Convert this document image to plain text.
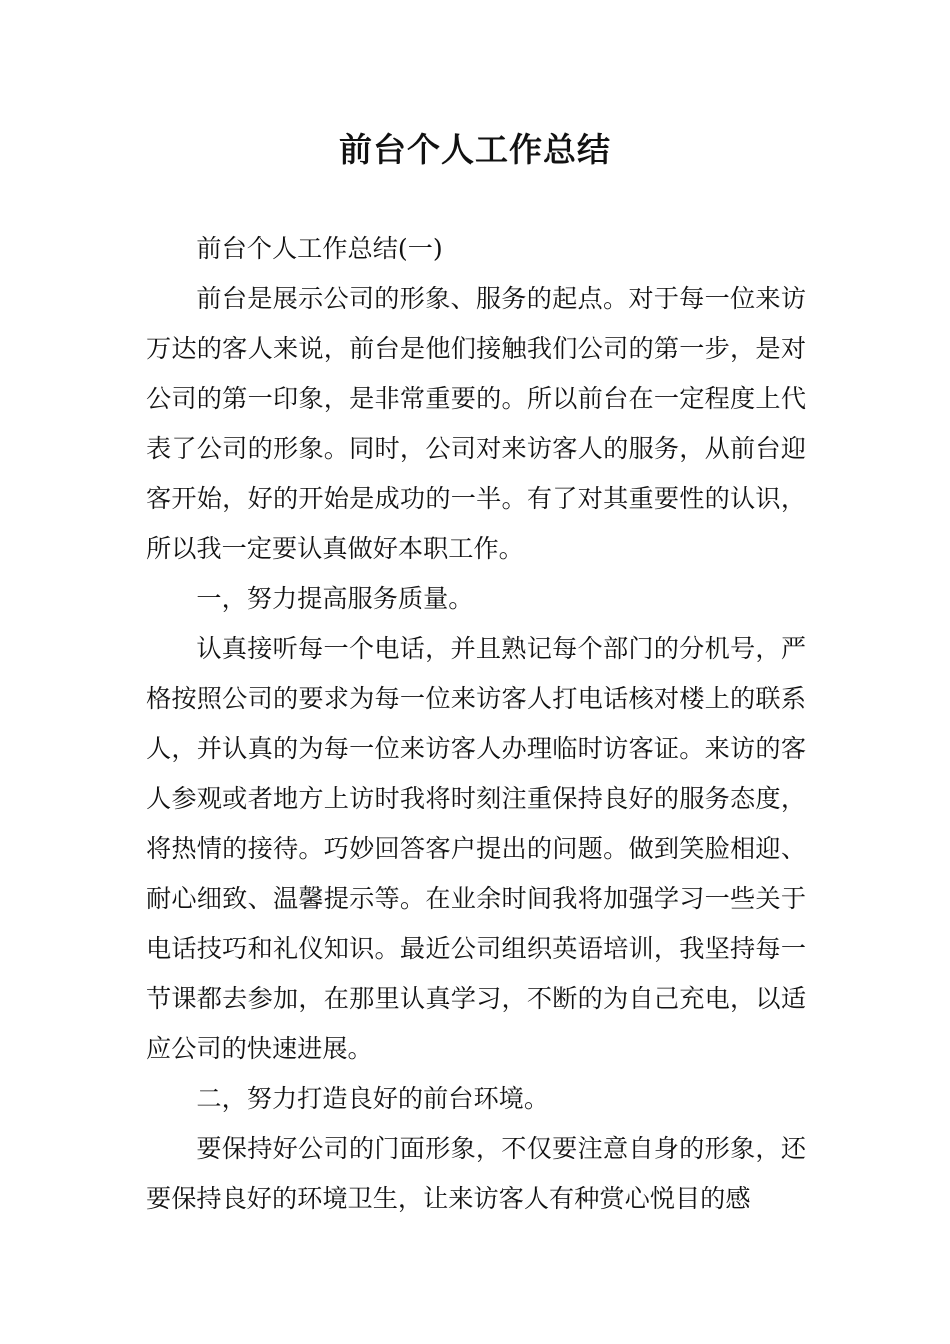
前台个人工作总结

前台个人工作总结(一)

前台是展示公司的形象、服务的起点。对于每一位来访万达的客人来说，前台是他们接触我们公司的第一步，是对公司的第一印象，是非常重要的。所以前台在一定程度上代表了公司的形象。同时，公司对来访客人的服务，从前台迎客开始，好的开始是成功的一半。有了对其重要性的认识，所以我一定要认真做好本职工作。

一，努力提高服务质量。

认真接听每一个电话，并且熟记每个部门的分机号，严格按照公司的要求为每一位来访客人打电话核对楼上的联系人，并认真的为每一位来访客人办理临时访客证。来访的客人参观或者地方上访时我将时刻注重保持良好的服务态度，将热情的接待。巧妙回答客户提出的问题。做到笑脸相迎、耐心细致、温馨提示等。在业余时间我将加强学习一些关于电话技巧和礼仪知识。最近公司组织英语培训，我坚持每一节课都去参加，在那里认真学习，不断的为自己充电，以适应公司的快速进展。

二，努力打造良好的前台环境。

要保持好公司的门面形象，不仅要注意自身的形象，还要保持良好的环境卫生，让来访客人有种赏心悦目的感
